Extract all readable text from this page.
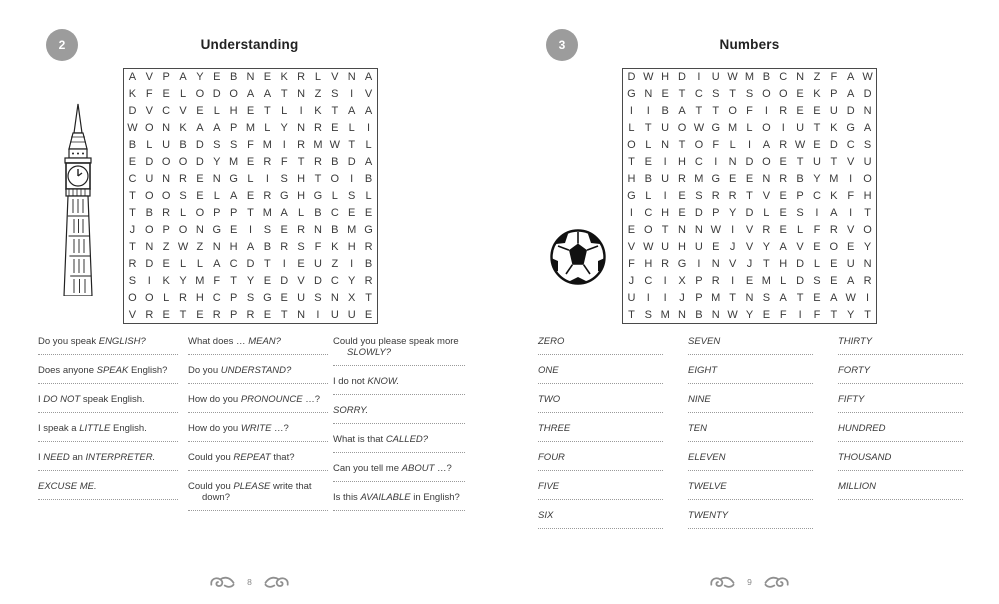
2	Understanding
A V P A Y E B N E K R L V N A
K F E L O D O A A T N Z S	I	V
D V C V E L H E T L	I	K T A A
W O N K A A P M L Y N R E L	I
B L U B D S S F M I	R M W T L
E D O O D Y M E R F T R B D A
C U N R E N G L	I	S H T O	I	B
T O O S E L A E R G H G L S L
T B R L O P P T M A L B C E E
J O P O N G E	I	S E R N B M G
T N Z W Z N H A B R S F K H R
R D E L L A C D T	I	E U Z	I	B
S	I	K Y M F T Y E D V D C Y R
O O L R H C P S G E U S N X T
V R E T E R P R E T N	I	U U E

Do you speak ENGLISH?

Does anyone SPEAK English?

I DO NOT speak English.

I speak a LITTLE English.

I NEED an INTERPRETER.

EXCUSE ME.

What does … MEAN?

Do you UNDERSTAND?

How do you PRONOUNCE …?

How do you WRITE …?

Could you REPEAT that?

Could you PLEASE write that down?

Could you please speak more SLOWLY?

I do not KNOW.

SORRY.

What is that CALLED?

Can you tell me ABOUT …?

Is this AVAILABLE in English?

8
3	Numbers
D W H D	I	U W M B C N Z F A W
G N E T C S T S O O E K P A D
I	I	B A T T O F	I	R E E U D N
L T U O W G M L O	I	U T K G A
O L N T O F L	I	A R W E D C S
T E	I	H C	I	N D O E T U T V U
H B U R M G E E N R B Y M I	O
G L	I	E S R R T V E P C K F H
I	C H E D P Y D L E S	I	A	I	T
E O T N N W I	V R E L F R V O
V W U H U E J V Y A V E O E Y
F H R G	I	N V J T H D L E U N
J C	I	X P R	I	E M L D S E A R
U	I	I	J P M T N S A T E A W I
T S M N B N W Y E F	I	F T Y T

ZERO

ONE

TWO

THREE

FOUR

FIVE

SIX

SEVEN

EIGHT

NINE

TEN

ELEVEN

TWELVE

TWENTY

THIRTY

FORTY

FIFTY

HUNDRED

THOUSAND

MILLION

9
